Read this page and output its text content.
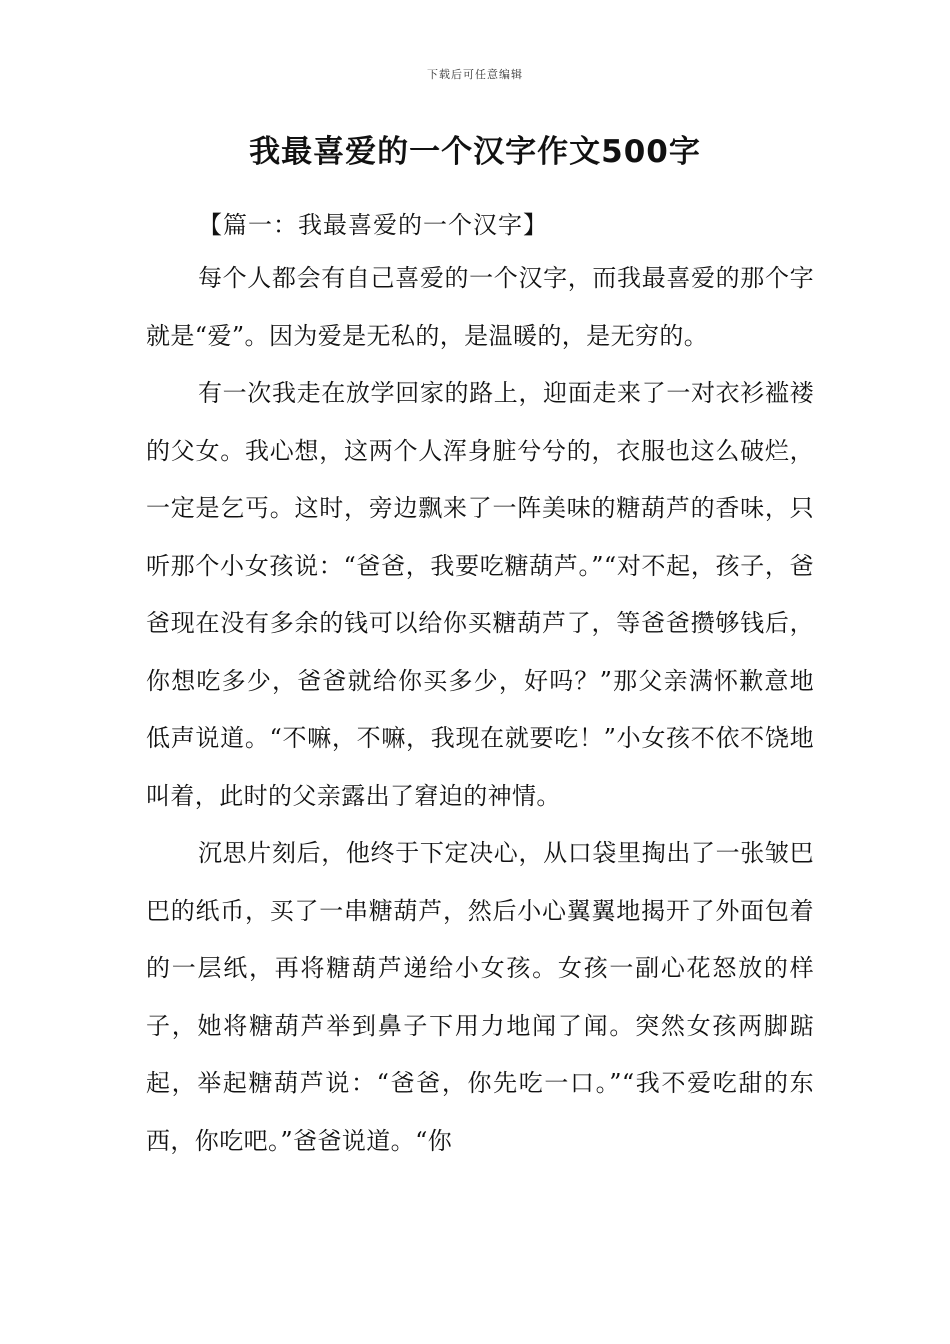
下载后可任意编辑
我最喜爱的一个汉字作文500字
【篇一：我最喜爱的一个汉字】

每个人都会有自己喜爱的一个汉字，而我最喜爱的那个字就是“爱”。因为爱是无私的，是温暖的，是无穷的。

有一次我走在放学回家的路上，迎面走来了一对衣衫褴褛的父女。我心想，这两个人浑身脏兮兮的，衣服也这么破烂，一定是乞丐。这时，旁边飘来了一阵美味的糖葫芦的香味，只听那个小女孩说：“爸爸，我要吃糖葫芦。”“对不起，孩子，爸爸现在没有多余的钱可以给你买糖葫芦了，等爸爸攒够钱后，你想吃多少，爸爸就给你买多少，好吗？”那父亲满怀歉意地低声说道。“不嘛，不嘛，我现在就要吃！”小女孩不依不饶地叫着，此时的父亲露出了窘迫的神情。

沉思片刻后，他终于下定决心，从口袋里掏出了一张皱巴巴的纸币，买了一串糖葫芦，然后小心翼翼地揭开了外面包着的一层纸，再将糖葫芦递给小女孩。女孩一副心花怒放的样子，她将糖葫芦举到鼻子下用力地闻了闻。突然女孩两脚踮起，举起糖葫芦说：“爸爸，你先吃一口。”“我不爱吃甜的东西，你吃吧。”爸爸说道。“你
